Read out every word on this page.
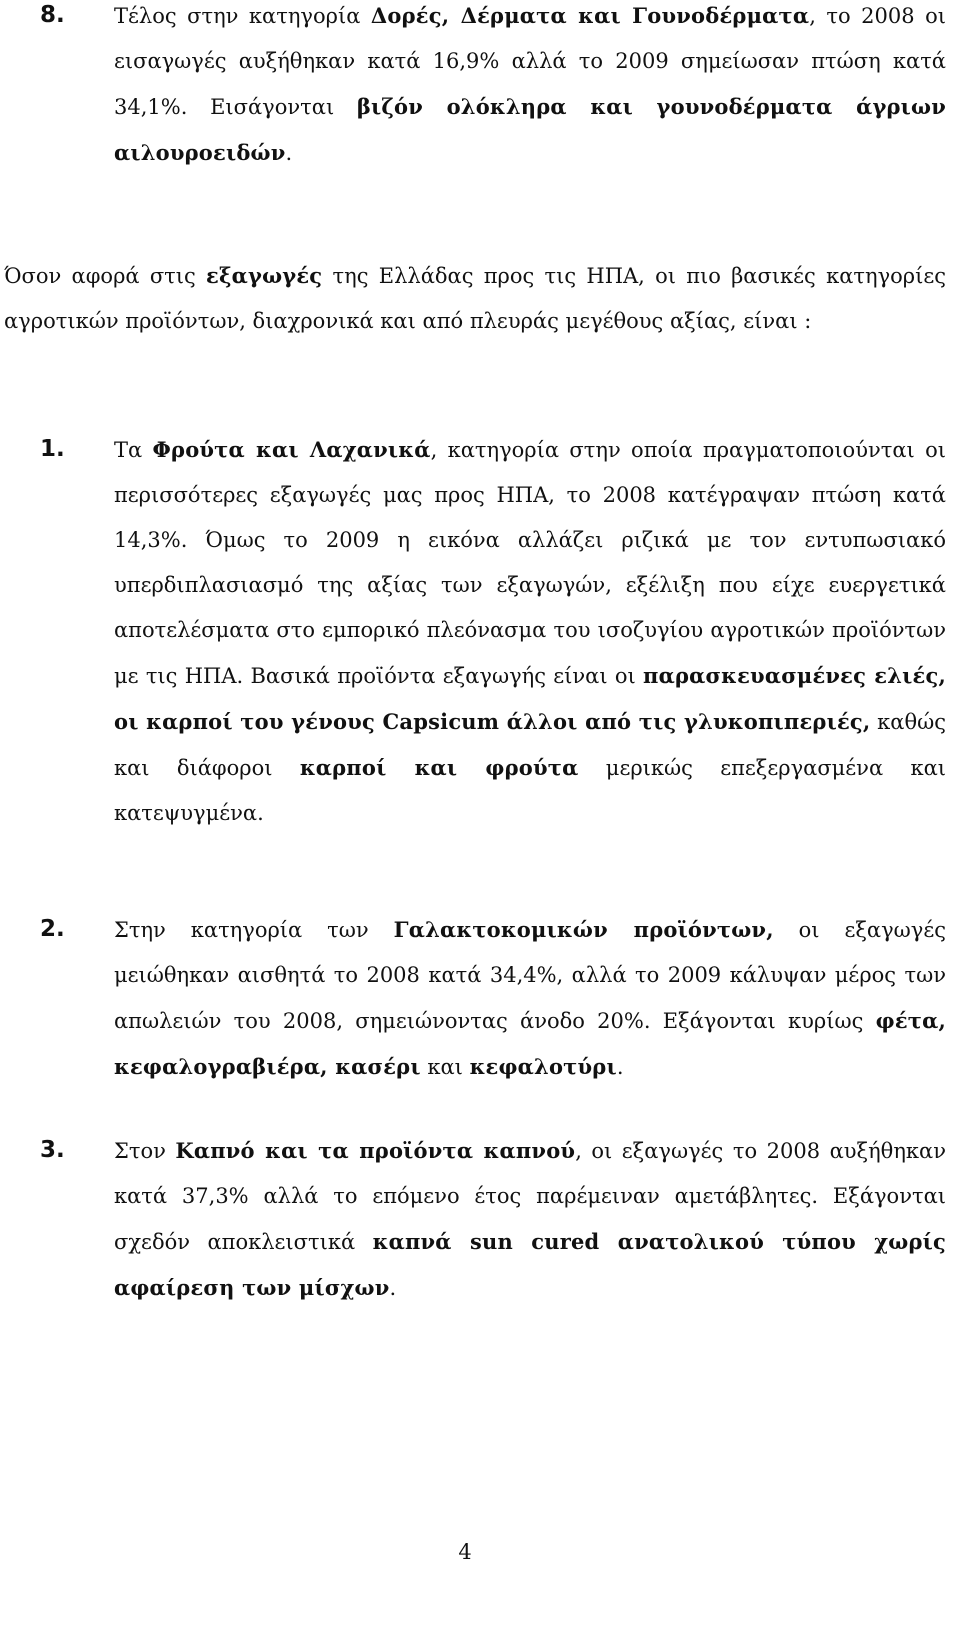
8. Τέλος στην κατηγορία Δορές, Δέρματα και Γουνοδέρματα, το 2008 οι εισαγωγές αυξήθηκαν κατά 16,9% αλλά το 2009 σημείωσαν πτώση κατά 34,1%. Εισάγονται βιζόν ολόκληρα και γουνοδέρματα άγριων αιλουροειδών.
Όσον αφορά στις εξαγωγές της Ελλάδας προς τις ΗΠΑ, οι πιο βασικές κατηγορίες αγροτικών προϊόντων, διαχρονικά και από πλευράς μεγέθους αξίας, είναι :
1. Τα Φρούτα και Λαχανικά, κατηγορία στην οποία πραγματοποιούνται οι περισσότερες εξαγωγές μας προς ΗΠΑ, το 2008 κατέγραψαν πτώση κατά 14,3%. Όμως το 2009 η εικόνα αλλάζει ριζικά με τον εντυπωσιακό υπερδιπλασιασμό της αξίας των εξαγωγών, εξέλιξη που είχε ευεργετικά αποτελέσματα στο εμπορικό πλεόνασμα του ισοζυγίου αγροτικών προϊόντων με τις ΗΠΑ. Βασικά προϊόντα εξαγωγής είναι οι παρασκευασμένες ελιές, οι καρποί του γένους Capsicum άλλοι από τις γλυκοπιπεριές, καθώς και διάφοροι καρποί και φρούτα μερικώς επεξεργασμένα και κατεψυγμένα.
2. Στην κατηγορία των Γαλακτοκομικών προϊόντων, οι εξαγωγές μειώθηκαν αισθητά το 2008 κατά 34,4%, αλλά το 2009 κάλυψαν μέρος των απωλειών του 2008, σημειώνοντας άνοδο 20%. Εξάγονται κυρίως φέτα, κεφαλογραβιέρα, κασέρι και κεφαλοτύρι.
3. Στον Καπνό και τα προϊόντα καπνού, οι εξαγωγές το 2008 αυξήθηκαν κατά 37,3% αλλά το επόμενο έτος παρέμειναν αμετάβλητες. Εξάγονται σχεδόν αποκλειστικά καπνά sun cured ανατολικού τύπου χωρίς αφαίρεση των μίσχων.
4
